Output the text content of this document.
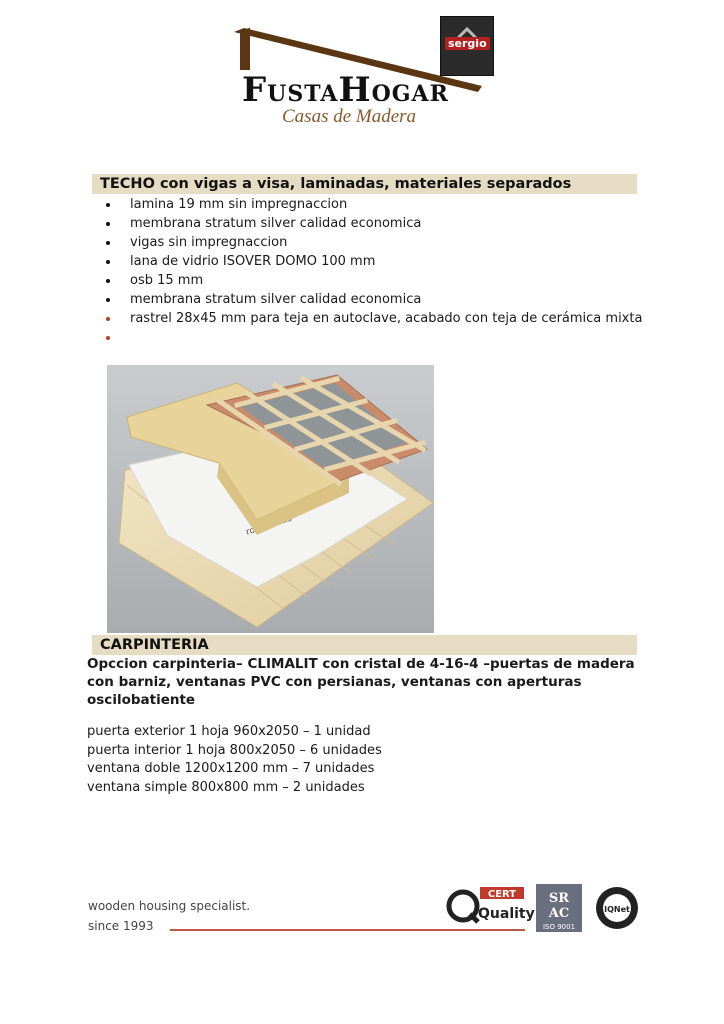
FUSTAHOGAR
Casas de Madera
sergio
TECHO con vigas a visa, laminadas, materiales separados
lamina 19 mm sin impregnaccion
membrana stratum silver calidad economica
vigas sin impregnaccion
lana de vidrio ISOVER DOMO 100 mm
osb 15 mm
membrana stratum silver calidad economica
rastrel 28x45 mm para teja en autoclave, acabado con teja de cerámica mixta
CARPINTERIA
Opccion carpinteria– CLIMALIT con cristal de 4-16-4 –puertas de madera con barniz, ventanas PVC con persianas, ventanas con aperturas oscilobatiente
puerta exterior 1 hoja 960x2050 – 1 unidad
puerta interior 1 hoja 800x2050 – 6 unidades
ventana doble 1200x1200 mm – 7 unidades
ventana simple 800x800 mm – 2 unidades
wooden housing specialist.
since 1993
CERT
Quality
SR
AC
ISO 9001
IQNet
